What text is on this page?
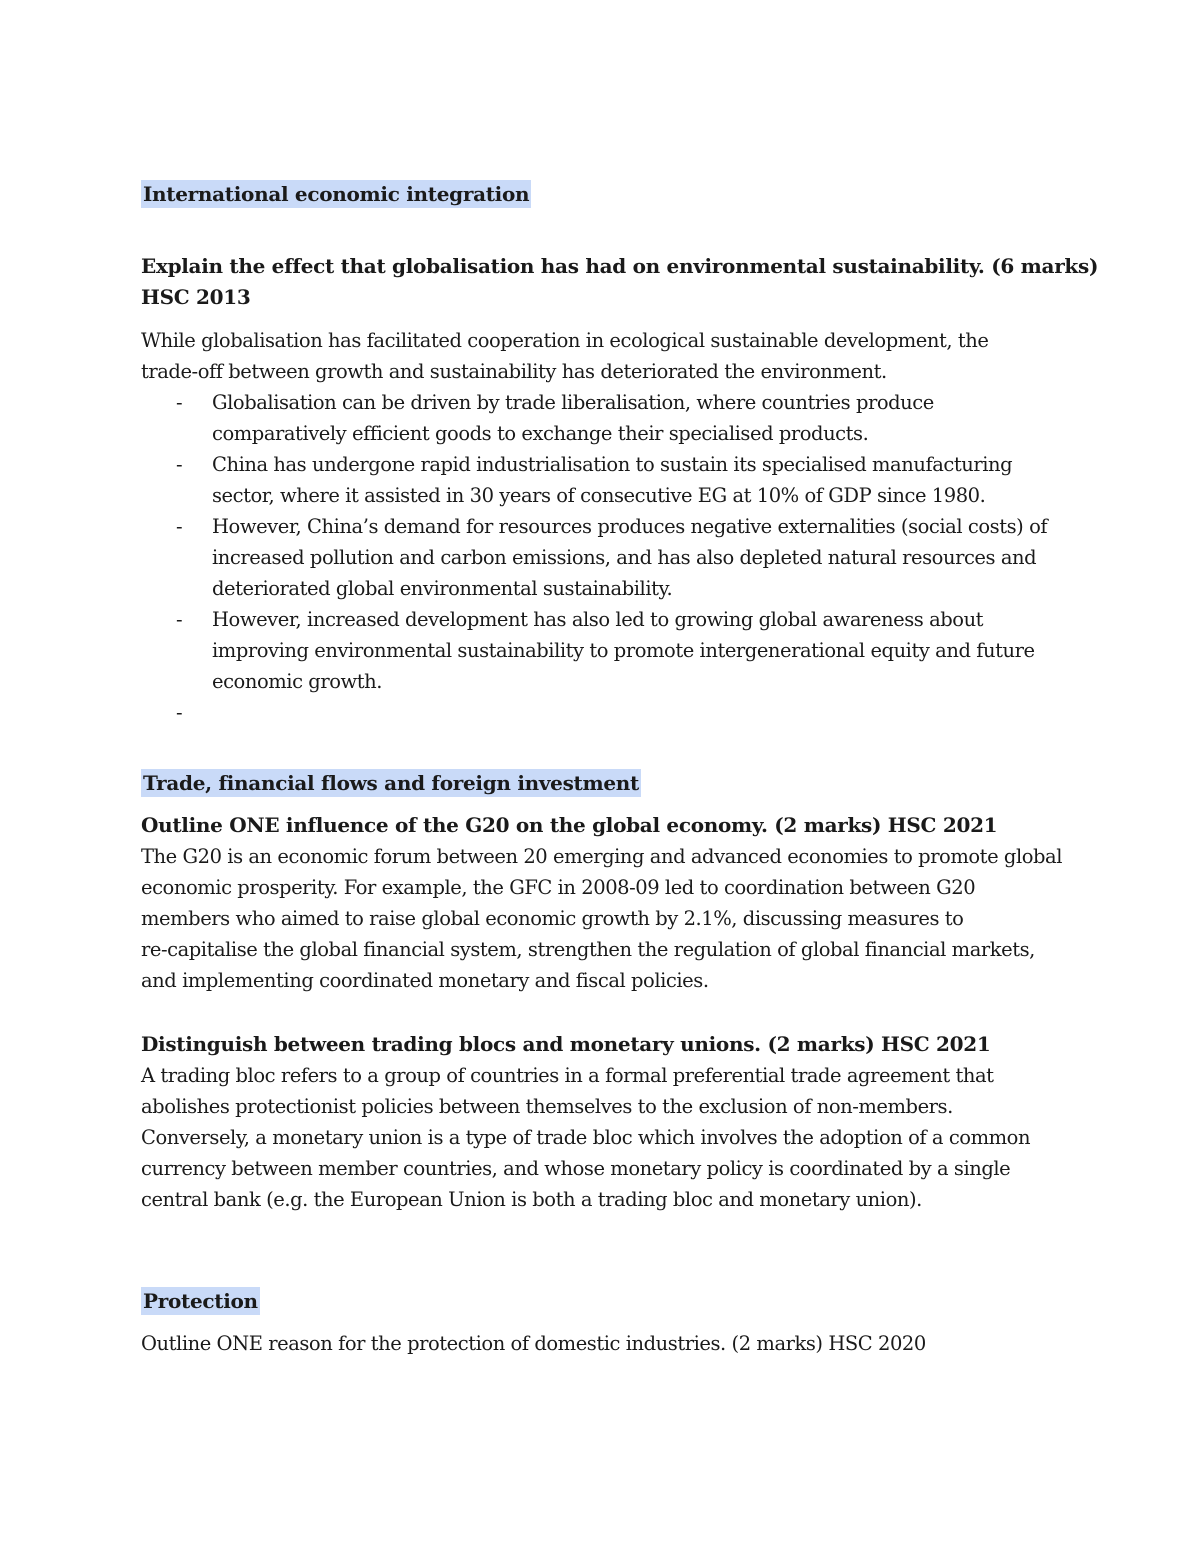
International economic integration
Explain the effect that globalisation has had on environmental sustainability. (6 marks)
HSC 2013
While globalisation has facilitated cooperation in ecological sustainable development, the
trade-off between growth and sustainability has deteriorated the environment.
- Globalisation can be driven by trade liberalisation, where countries produce
comparatively efficient goods to exchange their specialised products.
- China has undergone rapid industrialisation to sustain its specialised manufacturing
sector, where it assisted in 30 years of consecutive EG at 10% of GDP since 1980.
- However, China’s demand for resources produces negative externalities (social costs) of
increased pollution and carbon emissions, and has also depleted natural resources and
deteriorated global environmental sustainability.
- However, increased development has also led to growing global awareness about
improving environmental sustainability to promote intergenerational equity and future
economic growth.
-

Trade, financial flows and foreign investment
Outline ONE influence of the G20 on the global economy. (2 marks) HSC 2021
The G20 is an economic forum between 20 emerging and advanced economies to promote global
economic prosperity. For example, the GFC in 2008-09 led to coordination between G20
members who aimed to raise global economic growth by 2.1%, discussing measures to
re-capitalise the global financial system, strengthen the regulation of global financial markets,
and implementing coordinated monetary and fiscal policies.
Distinguish between trading blocs and monetary unions. (2 marks) HSC 2021
A trading bloc refers to a group of countries in a formal preferential trade agreement that
abolishes protectionist policies between themselves to the exclusion of non-members.
Conversely, a monetary union is a type of trade bloc which involves the adoption of a common
currency between member countries, and whose monetary policy is coordinated by a single
central bank (e.g. the European Union is both a trading bloc and monetary union).
Protection
Outline ONE reason for the protection of domestic industries. (2 marks) HSC 2020
